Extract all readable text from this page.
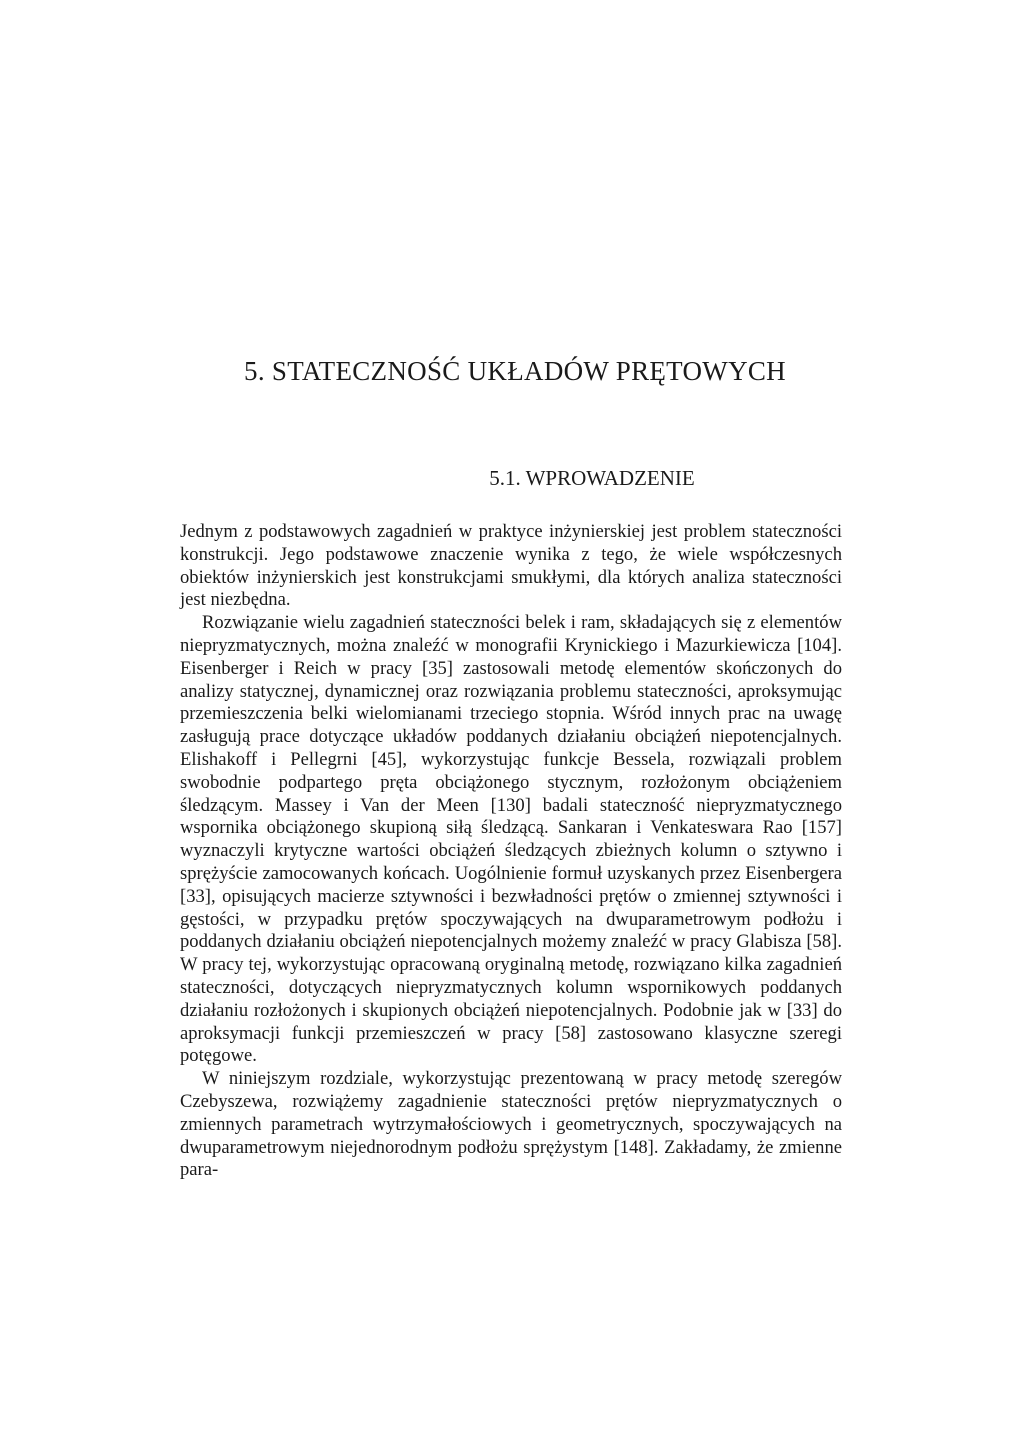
5. STATECZNOŚĆ UKŁADÓW PRĘTOWYCH
5.1. WPROWADZENIE

Jednym z podstawowych zagadnień w praktyce inżynierskiej jest problem stateczności konstrukcji. Jego podstawowe znaczenie wynika z tego, że wiele współczesnych obiektów inżynierskich jest konstrukcjami smukłymi, dla których analiza stateczności jest niezbędna.

Rozwiązanie wielu zagadnień stateczności belek i ram, składających się z elementów niepryzmatycznych, można znaleźć w monografii Krynickiego i Mazurkiewicza [104]. Eisenberger i Reich w pracy [35] zastosowali metodę elementów skończonych do analizy statycznej, dynamicznej oraz rozwiązania problemu stateczności, aproksymując przemieszczenia belki wielomianami trzeciego stopnia. Wśród innych prac na uwagę zasługują prace dotyczące układów poddanych działaniu obciążeń niepotencjalnych. Elishakoff i Pellegrni [45], wykorzystując funkcje Bessela, rozwiązali problem swobodnie podpartego pręta obciążonego stycznym, rozłożonym obciążeniem śledzącym. Massey i Van der Meen [130] badali stateczność niepryzmatycznego wspornika obciążonego skupioną siłą śledzącą. Sankaran i Venkateswara Rao [157] wyznaczyli krytyczne wartości obciążeń śledzących zbieżnych kolumn o sztywno i sprężyście zamocowanych końcach. Uogólnienie formuł uzyskanych przez Eisenbergera [33], opisujących macierze sztywności i bezwładności prętów o zmiennej sztywności i gęstości, w przypadku prętów spoczywających na dwuparametrowym podłożu i poddanych działaniu obciążeń niepotencjalnych możemy znaleźć w pracy Glabisza [58]. W pracy tej, wykorzystując opracowaną oryginalną metodę, rozwiązano kilka zagadnień stateczności, dotyczących niepryzmatycznych kolumn wspornikowych poddanych działaniu rozłożonych i skupionych obciążeń niepotencjalnych. Podobnie jak w [33] do aproksymacji funkcji przemieszczeń w pracy [58] zastosowano klasyczne szeregi potęgowe.

W niniejszym rozdziale, wykorzystując prezentowaną w pracy metodę szeregów Czebyszewa, rozwiążemy zagadnienie stateczności prętów niepryzmatycznych o zmiennych parametrach wytrzymałościowych i geometrycznych, spoczywających na dwuparametrowym niejednorodnym podłożu sprężystym [148]. Zakładamy, że zmienne para-
